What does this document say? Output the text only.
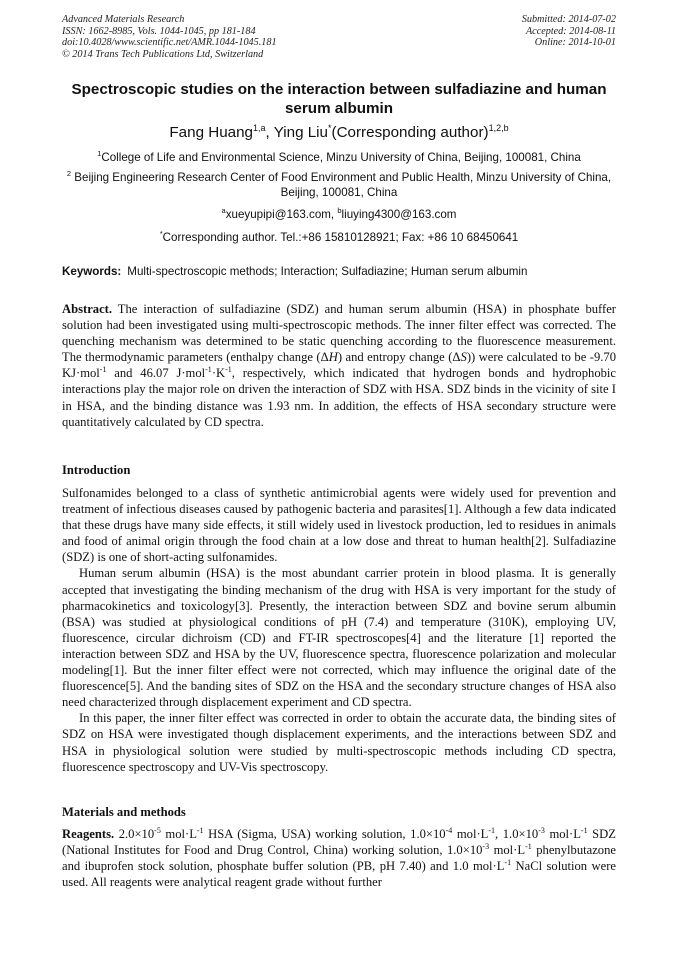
Advanced Materials Research
ISSN: 1662-8985, Vols. 1044-1045, pp 181-184
doi:10.4028/www.scientific.net/AMR.1044-1045.181
© 2014 Trans Tech Publications Ltd, Switzerland
Submitted: 2014-07-02
Accepted: 2014-08-11
Online: 2014-10-01
Spectroscopic studies on the interaction between sulfadiazine and human serum albumin
Fang Huang$^{1,a}$, Ying Liu*(Corresponding author)$^{1,2,b}$
$^1$College of Life and Environmental Science, Minzu University of China, Beijing, 100081, China
$^2$ Beijing Engineering Research Center of Food Environment and Public Health, Minzu University of China, Beijing, 100081, China
$^a$xueyupipi@163.com, $^b$liuying4300@163.com
*Corresponding author. Tel.:+86 15810128921; Fax: +86 10 68450641
Keywords: Multi-spectroscopic methods; Interaction; Sulfadiazine; Human serum albumin
Abstract. The interaction of sulfadiazine (SDZ) and human serum albumin (HSA) in phosphate buffer solution had been investigated using multi-spectroscopic methods. The inner filter effect was corrected. The quenching mechanism was determined to be static quenching according to the fluorescence measurement. The thermodynamic parameters (enthalpy change (ΔH) and entropy change (ΔS)) were calculated to be -9.70 KJ·mol$^{-1}$ and 46.07 $J\cdot mol^{-1}\cdot K^{-1}$, respectively, which indicated that hydrogen bonds and hydrophobic interactions play the major role on driven the interaction of SDZ with HSA. SDZ binds in the vicinity of site I in HSA, and the binding distance was 1.93 nm. In addition, the effects of HSA secondary structure were quantitatively calculated by CD spectra.
Introduction

Sulfonamides belonged to a class of synthetic antimicrobial agents were widely used for prevention and treatment of infectious diseases caused by pathogenic bacteria and parasites[1]. Although a few data indicated that these drugs have many side effects, it still widely used in livestock production, led to residues in animals and food of animal origin through the food chain at a low dose and threat to human health[2]. Sulfadiazine (SDZ) is one of short-acting sulfonamides.

Human serum albumin (HSA) is the most abundant carrier protein in blood plasma. It is generally accepted that investigating the binding mechanism of the drug with HSA is very important for the study of pharmacokinetics and toxicology[3]. Presently, the interaction between SDZ and bovine serum albumin (BSA) was studied at physiological conditions of pH (7.4) and temperature (310K), employing UV, fluorescence, circular dichroism (CD) and FT-IR spectroscopes[4] and the literature [1] reported the interaction between SDZ and HSA by the UV, fluorescence spectra, fluorescence polarization and molecular modeling[1]. But the inner filter effect were not corrected, which may influence the original date of the fluorescence[5]. And the banding sites of SDZ on the HSA and the secondary structure changes of HSA also need characterized through displacement experiment and CD spectra.

In this paper, the inner filter effect was corrected in order to obtain the accurate data, the binding sites of SDZ on HSA were investigated though displacement experiments, and the interactions between SDZ and HSA in physiological solution were studied by multi-spectroscopic methods including CD spectra, fluorescence spectroscopy and UV-Vis spectroscopy.

Materials and methods

Reagents. $2.0\times 10^{-5}$ $mol\cdot L^{-1}$ HSA (Sigma, USA) working solution, $1.0\times 10^{-4}$ $mol\cdot L^{-1}$, $1.0\times 10^{-3}$ $mol\cdot L^{-1}$ SDZ (National Institutes for Food and Drug Control, China) working solution, $1.0\times 10^{-3}$ $mol\cdot L^{-1}$ phenylbutazone and ibuprofen stock solution, phosphate buffer solution (PB, pH 7.40) and 1.0 $mol\cdot L^{-1}$ NaCl solution were used. All reagents were analytical reagent grade without further
